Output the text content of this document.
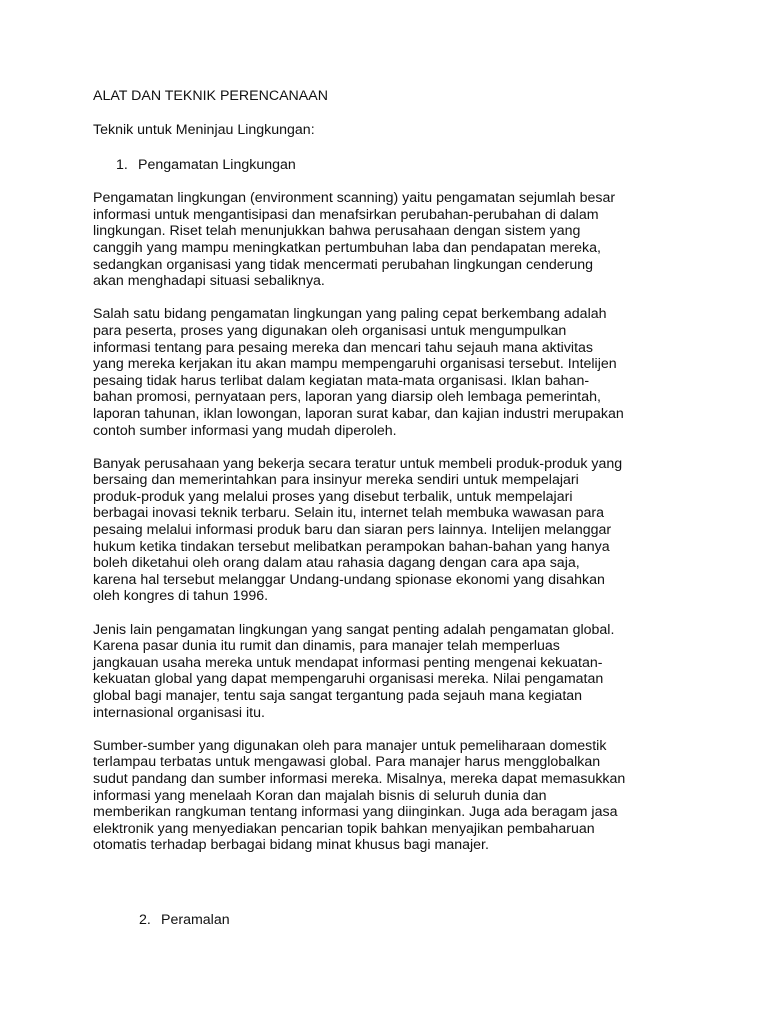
ALAT DAN TEKNIK PERENCANAAN
Teknik untuk Meninjau Lingkungan:
1. Pengamatan Lingkungan
Pengamatan lingkungan (environment scanning) yaitu pengamatan sejumlah besar
informasi untuk mengantisipasi dan menafsirkan perubahan-perubahan di dalam
lingkungan. Riset telah menunjukkan bahwa perusahaan dengan sistem yang
canggih yang mampu meningkatkan pertumbuhan laba dan pendapatan mereka,
sedangkan organisasi yang tidak mencermati perubahan lingkungan cenderung
akan menghadapi situasi sebaliknya.
Salah satu bidang pengamatan lingkungan yang paling cepat berkembang adalah
para peserta, proses yang digunakan oleh organisasi untuk mengumpulkan
informasi tentang para pesaing mereka dan mencari tahu sejauh mana aktivitas
yang mereka kerjakan itu akan mampu mempengaruhi organisasi tersebut. Intelijen
pesaing tidak harus terlibat dalam kegiatan mata-mata organisasi. Iklan bahan-
bahan promosi, pernyataan pers, laporan yang diarsip oleh lembaga pemerintah,
laporan tahunan, iklan lowongan, laporan surat kabar, dan kajian industri merupakan
contoh sumber informasi yang mudah diperoleh.
Banyak perusahaan yang bekerja secara teratur untuk membeli produk-produk yang
bersaing dan memerintahkan para insinyur mereka sendiri untuk mempelajari
produk-produk yang melalui proses yang disebut terbalik, untuk mempelajari
berbagai inovasi teknik terbaru. Selain itu, internet telah membuka wawasan para
pesaing melalui informasi produk baru dan siaran pers lainnya. Intelijen melanggar
hukum ketika tindakan tersebut melibatkan perampokan bahan-bahan yang hanya
boleh diketahui oleh orang dalam atau rahasia dagang dengan cara apa saja,
karena hal tersebut melanggar Undang-undang spionase ekonomi yang disahkan
oleh kongres di tahun 1996.
Jenis lain pengamatan lingkungan yang sangat penting adalah pengamatan global.
Karena pasar dunia itu rumit dan dinamis, para manajer telah memperluas
jangkauan usaha mereka untuk mendapat informasi penting mengenai kekuatan-
kekuatan global yang dapat mempengaruhi organisasi mereka. Nilai pengamatan
global bagi manajer, tentu saja sangat tergantung pada sejauh mana kegiatan
internasional organisasi itu.
Sumber-sumber yang digunakan oleh para manajer untuk pemeliharaan domestik
terlampau terbatas untuk mengawasi global. Para manajer harus mengglobalkan
sudut pandang dan sumber informasi mereka. Misalnya, mereka dapat memasukkan
informasi yang menelaah Koran dan majalah bisnis di seluruh dunia dan
memberikan rangkuman tentang informasi yang diinginkan. Juga ada beragam jasa
elektronik yang menyediakan pencarian topik bahkan menyajikan pembaharuan
otomatis terhadap berbagai bidang minat khusus bagi manajer.
2. Peramalan
